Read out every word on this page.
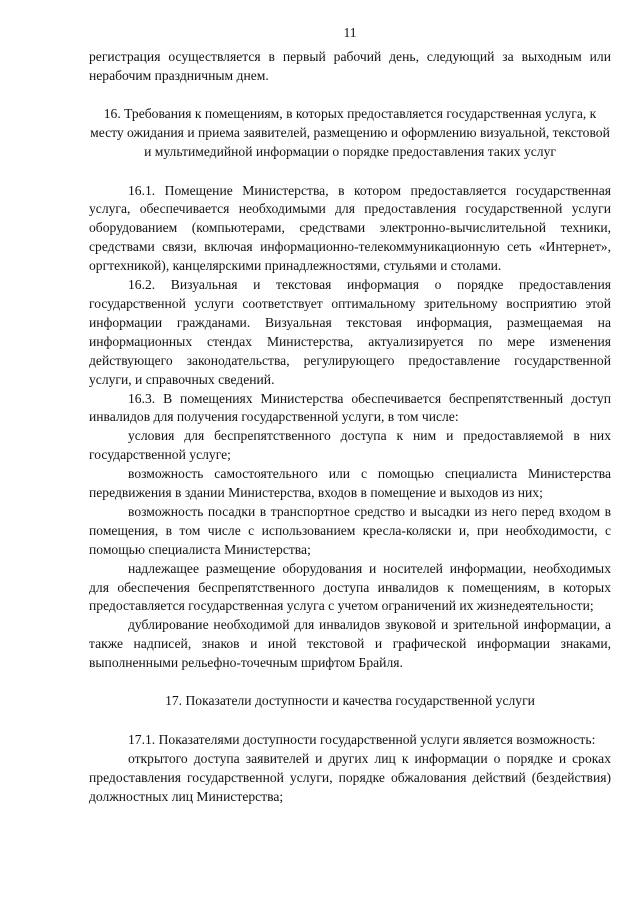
11

регистрация осуществляется в первый рабочий день, следующий за выходным или нерабочим праздничным днем.

16. Требования к помещениям, в которых предоставляется государственная услуга, к месту ожидания и приема заявителей, размещению и оформлению визуальной, текстовой и мультимедийной информации о порядке предоставления таких услуг

16.1. Помещение Министерства, в котором предоставляется государственная услуга, обеспечивается необходимыми для предоставления государственной услуги оборудованием (компьютерами, средствами электронно-вычислительной техники, средствами связи, включая информационно-телекоммуникационную сеть «Интернет», оргтехникой), канцелярскими принадлежностями, стульями и столами.

16.2. Визуальная и текстовая информация о порядке предоставления государственной услуги соответствует оптимальному зрительному восприятию этой информации гражданами. Визуальная текстовая информация, размещаемая на информационных стендах Министерства, актуализируется по мере изменения действующего законодательства, регулирующего предоставление государственной услуги, и справочных сведений.

16.3. В помещениях Министерства обеспечивается беспрепятственный доступ инвалидов для получения государственной услуги, в том числе:

условия для беспрепятственного доступа к ним и предоставляемой в них государственной услуге;

возможность самостоятельного или с помощью специалиста Министерства передвижения в здании Министерства, входов в помещение и выходов из них;

возможность посадки в транспортное средство и высадки из него перед входом в помещения, в том числе с использованием кресла-коляски и, при необходимости, с помощью специалиста Министерства;

надлежащее размещение оборудования и носителей информации, необходимых для обеспечения беспрепятственного доступа инвалидов к помещениям, в которых предоставляется государственная услуга с учетом ограничений их жизнедеятельности;

дублирование необходимой для инвалидов звуковой и зрительной информации, а также надписей, знаков и иной текстовой и графической информации знаками, выполненными рельефно-точечным шрифтом Брайля.

17. Показатели доступности и качества государственной услуги

17.1. Показателями доступности государственной услуги является возможность:

открытого доступа заявителей и других лиц к информации о порядке и сроках предоставления государственной услуги, порядке обжалования действий (бездействия) должностных лиц Министерства;
